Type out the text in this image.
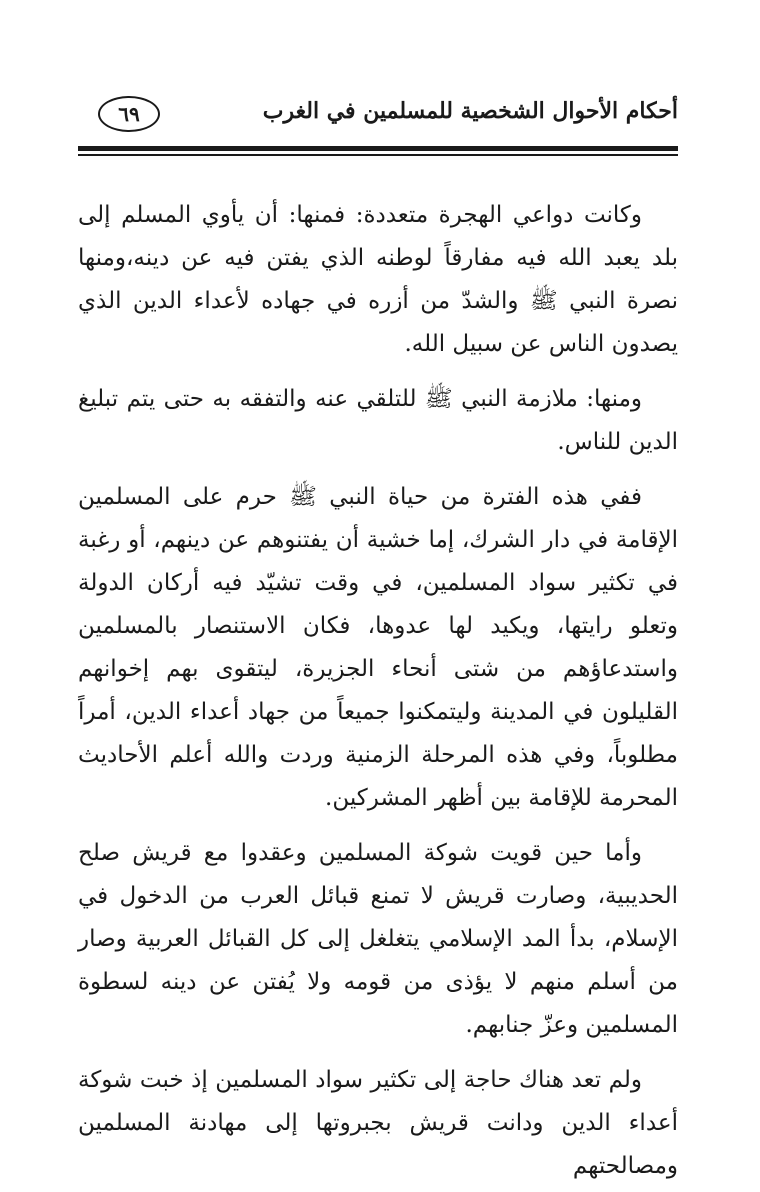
أحكام الأحوال الشخصية للمسلمين في الغرب
٦٩

وكانت دواعي الهجرة متعددة: فمنها: أن يأوي المسلم إلى بلد يعبد الله فيه مفارقاً لوطنه الذي يفتن فيه عن دينه،ومنها نصرة النبي ﷺ والشدّ من أزره في جهاده لأعداء الدين الذي يصدون الناس عن سبيل الله.

ومنها: ملازمة النبي ﷺ للتلقي عنه والتفقه به حتى يتم تبليغ الدين للناس.

ففي هذه الفترة من حياة النبي ﷺ حرم على المسلمين الإقامة في دار الشرك، إما خشية أن يفتنوهم عن دينهم، أو رغبة في تكثير سواد المسلمين، في وقت تشيّد فيه أركان الدولة وتعلو رايتها، ويكيد لها عدوها، فكان الاستنصار بالمسلمين واستدعاؤهم من شتى أنحاء الجزيرة، ليتقوى بهم إخوانهم القليلون في المدينة وليتمكنوا جميعاً من جهاد أعداء الدين، أمراً مطلوباً، وفي هذه المرحلة الزمنية وردت والله أعلم الأحاديث المحرمة للإقامة بين أظهر المشركين.

وأما حين قويت شوكة المسلمين وعقدوا مع قريش صلح الحديبية، وصارت قريش لا تمنع قبائل العرب من الدخول في الإسلام، بدأ المد الإسلامي يتغلغل إلى كل القبائل العربية وصار من أسلم منهم لا يؤذى من قومه ولا يُفتن عن دينه لسطوة المسلمين وعزّ جنابهم.

ولم تعد هناك حاجة إلى تكثير سواد المسلمين إذ خبت شوكة أعداء الدين ودانت قريش بجبروتها إلى مهادنة المسلمين ومصالحتهم
